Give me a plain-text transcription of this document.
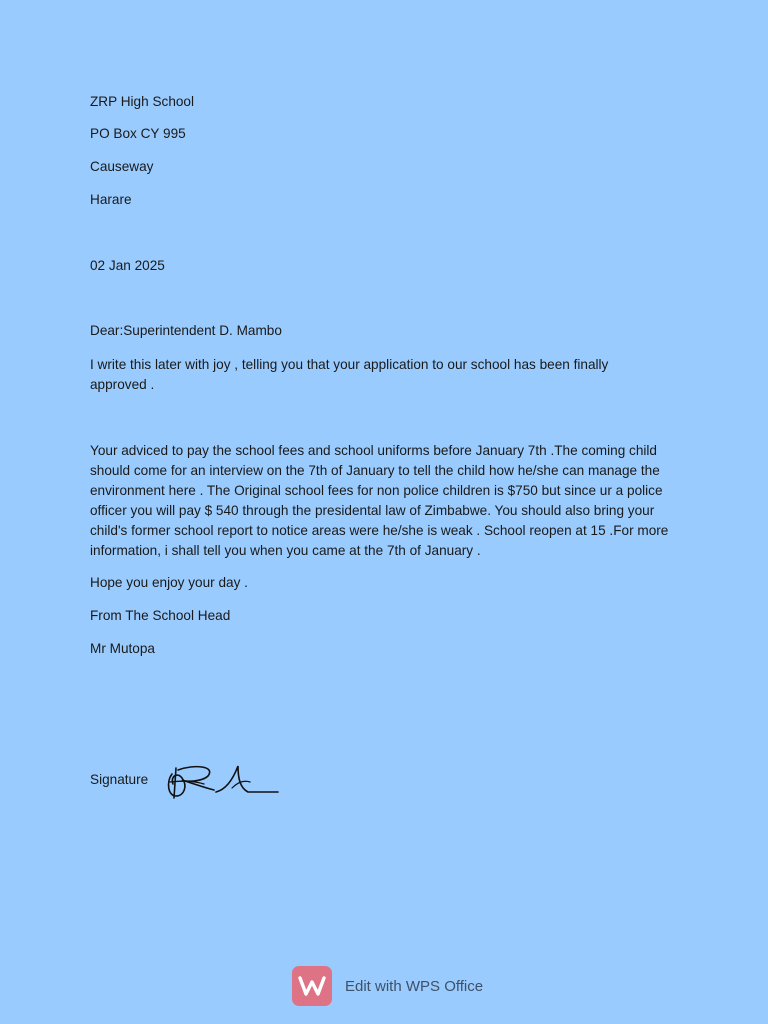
ZRP High School
PO Box CY 995
Causeway
Harare
02 Jan 2025
Dear:Superintendent D. Mambo
I write this later with joy , telling you that your application to our school has been finally
approved .
Your adviced to pay the school fees and school uniforms before January 7th .The coming child
should come for an interview on the 7th of January to tell the child how he/she can manage the
environment here . The Original school fees for non police children is $750 but since ur a police
officer you will pay $ 540 through the presidental law of Zimbabwe. You should also bring your
child's former school report to notice areas were he/she is weak . School reopen at 15 .For more
information, i shall tell you when you came at the 7th of January .
Hope you enjoy your day .
From The School Head
Mr Mutopa
Signature
Edit with WPS Office
